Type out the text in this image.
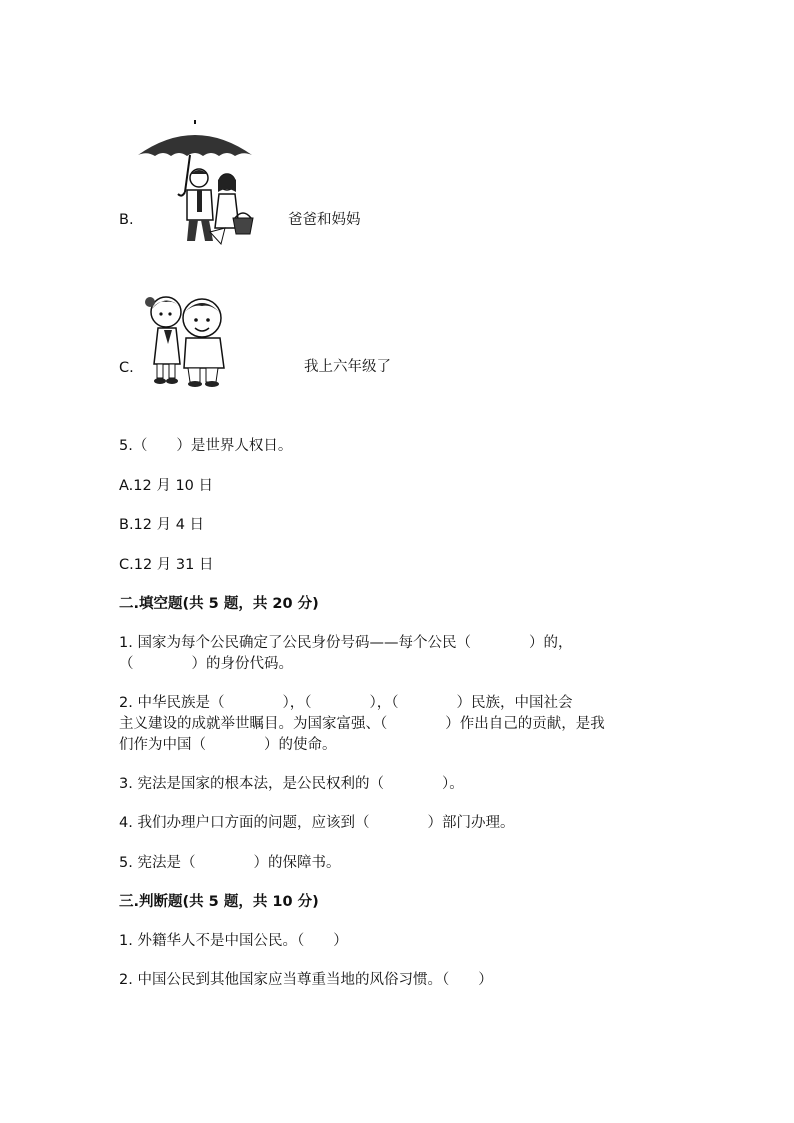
B.	爸爸和妈妈
C.	我上六年级了
5.（　　）是世界人权日。
A.12 月 10 日
B.12 月 4 日
C.12 月 31 日
二.填空题(共 5 题，共 20 分)
1. 国家为每个公民确定了公民身份号码——每个公民（　　　　）的，
（　　　　）的身份代码。
2. 中华民族是（　　　　），（　　　　），（　　　　）民族，中国社会
主义建设的成就举世瞩目。为国家富强、（　　　　）作出自己的贡献，是我
们作为中国（　　　　）的使命。
3. 宪法是国家的根本法，是公民权利的（　　　　）。
4. 我们办理户口方面的问题，应该到（　　　　）部门办理。
5. 宪法是（　　　　）的保障书。
三.判断题(共 5 题，共 10 分)
1. 外籍华人不是中国公民。（　　）
2. 中国公民到其他国家应当尊重当地的风俗习惯。（　　）
